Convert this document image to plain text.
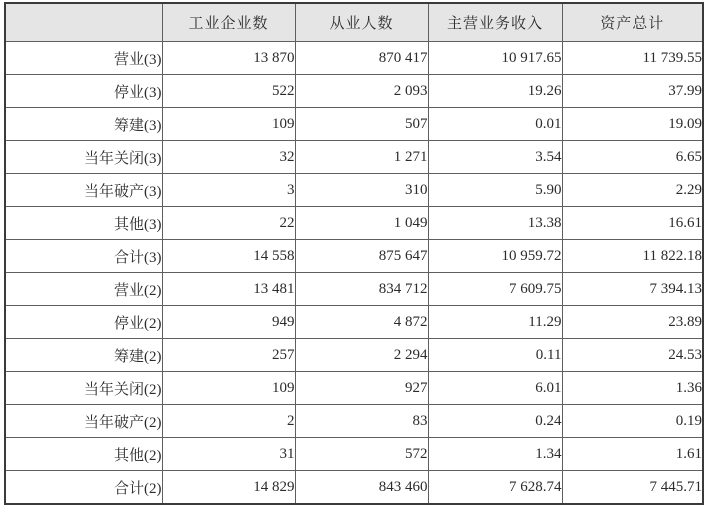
	工业企业数	从业人数	主营业务收入	资产总计
营业(3)	13 870	870 417	10 917.65	11 739.55
停业(3)	522	2 093	19.26	37.99
筹建(3)	109	507	0.01	19.09
当年关闭(3)	32	1 271	3.54	6.65
当年破产(3)	3	310	5.90	2.29
其他(3)	22	1 049	13.38	16.61
合计(3)	14 558	875 647	10 959.72	11 822.18
营业(2)	13 481	834 712	7 609.75	7 394.13
停业(2)	949	4 872	11.29	23.89
筹建(2)	257	2 294	0.11	24.53
当年关闭(2)	109	927	6.01	1.36
当年破产(2)	2	83	0.24	0.19
其他(2)	31	572	1.34	1.61
合计(2)	14 829	843 460	7 628.74	7 445.71
